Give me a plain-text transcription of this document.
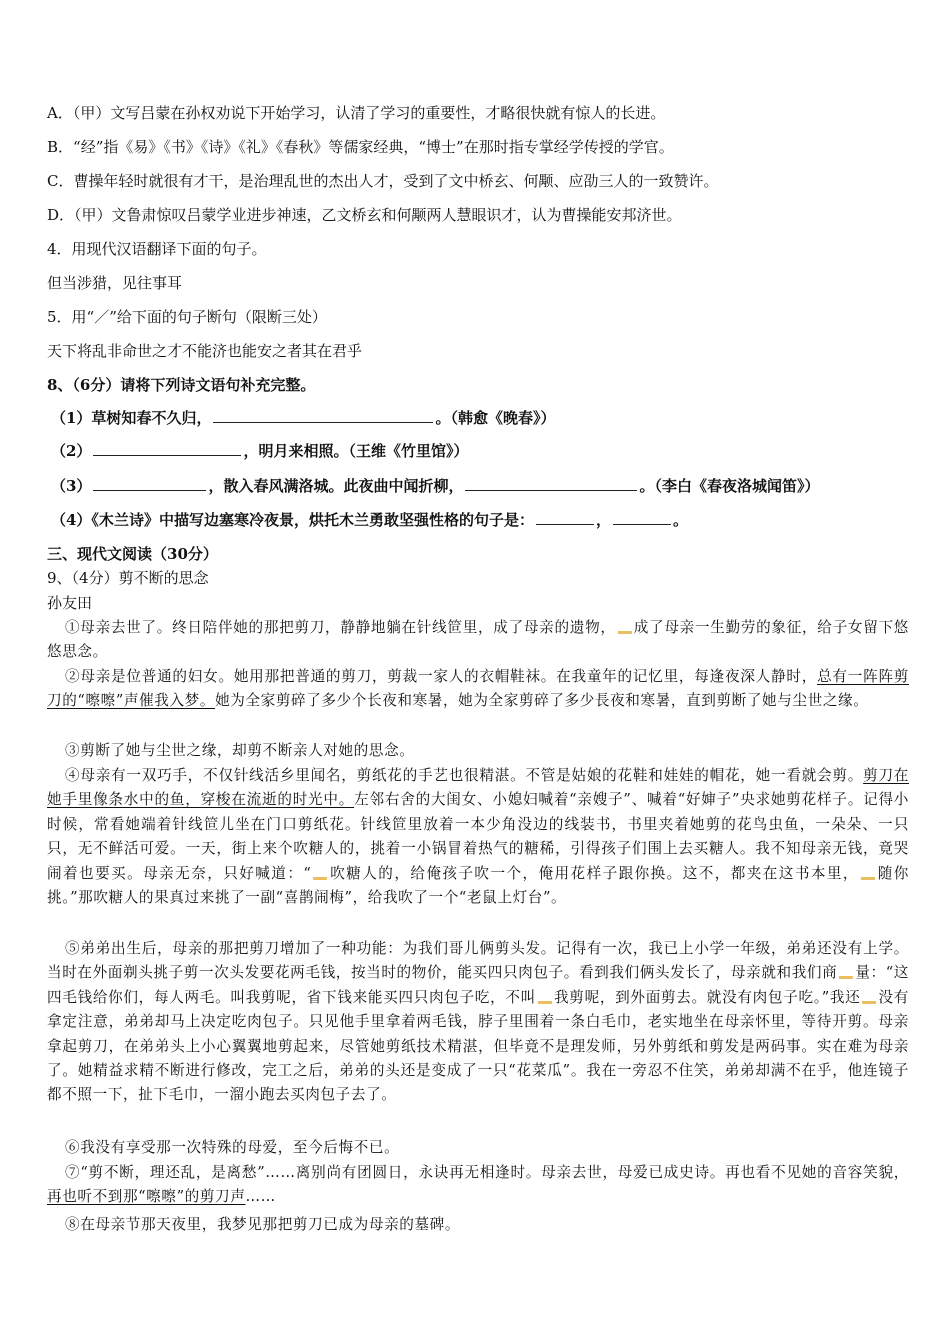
A．（甲）文写吕蒙在孙权劝说下开始学习，认清了学习的重要性，才略很快就有惊人的长进。
B．“经”指《易》《书》《诗》《礼》《春秋》等儒家经典，“博士”在那时指专掌经学传授的学官。
C．曹操年轻时就很有才干，是治理乱世的杰出人才，受到了文中桥玄、何颙、应劭三人的一致赞许。
D．（甲）文鲁肃惊叹吕蒙学业进步神速，乙文桥玄和何颙两人慧眼识才，认为曹操能安邦济世。
4．用现代汉语翻译下面的句子。
但当涉猎，见往事耳
5．用“／”给下面的句子断句（限断三处）
天下将乱非命世之才不能济也能安之者其在君乎
8、（6分）请将下列诗文语句补充完整。
（1）草树知春不久归，	。（韩愈《晚春》）
（2）	，明月来相照。（王维《竹里馆》）
（3）	，散入春风满洛城。此夜曲中闻折柳，	。（李白《春夜洛城闻笛》）
（4）《木兰诗》中描写边塞寒冷夜景，烘托木兰勇敢坚强性格的句子是：	，	。
三、现代文阅读（30分）
9、（4分）剪不断的思念
孙友田
①母亲去世了。终日陪伴她的那把剪刀，静静地躺在针线笸里，成了母亲的遗物， 成了母亲一生勤劳的象征，给子女留下悠悠思念。
②母亲是位普通的妇女。她用那把普通的剪刀，剪裁一家人的衣帽鞋袜。在我童年的记忆里，每逢夜深人静时，总有一阵阵剪刀的“嚓嚓”声催我入梦。她为全家剪碎了多少个长夜和寒暑，她为全家剪碎了多少長夜和寒暑，直到剪断了她与尘世之缘。
③剪断了她与尘世之缘，却剪不断亲人对她的思念。
④母亲有一双巧手，不仅针线活乡里闻名，剪纸花的手艺也很精湛。不管是姑娘的花鞋和娃娃的帽花，她一看就会剪。剪刀在她手里像条水中的鱼，穿梭在流逝的时光中。左邻右舍的大闺女、小媳妇喊着“亲嫂子”、喊着“好婶子”央求她剪花样子。记得小时候，常看她端着针线笸儿坐在门口剪纸花。针线笸里放着一本少角没边的线装书，书里夹着她剪的花鸟虫鱼，一朵朵、一只只，无不鲜活可爱。一天，街上来个吹糖人的，挑着一小锅冒着热气的糖稀，引得孩子们围上去买糖人。我不知母亲无钱，竟哭闹着也要买。母亲无奈，只好喊道：“ 吹糖人的，给俺孩子吹一个，俺用花样子跟你换。这不，都夹在这书本里， 随你挑。”那吹糖人的果真过来挑了一副“喜鹊闹梅”，给我吹了一个“老鼠上灯台”。
⑤弟弟出生后，母亲的那把剪刀增加了一种功能：为我们哥儿俩剪头发。记得有一次，我已上小学一年级，弟弟还没有上学。当时在外面剃头挑子剪一次头发要花两毛钱，按当时的物价，能买四只肉包子。看到我们俩头发长了，母亲就和我们商 量：“这四毛钱给你们，每人两毛。叫我剪呢，省下钱来能买四只肉包子吃，不叫 我剪呢，到外面剪去。就没有肉包子吃。”我还 没有拿定注意，弟弟却马上决定吃肉包子。只见他手里拿着两毛钱，脖子里围着一条白毛巾，老实地坐在母亲怀里，等待开剪。母亲拿起剪刀，在弟弟头上小心翼翼地剪起来，尽管她剪纸技术精湛，但毕竟不是理发师，另外剪纸和剪发是两码事。实在难为母亲了。她精益求精不断进行修改，完工之后，弟弟的头还是变成了一只“花菜瓜”。我在一旁忍不住笑，弟弟却满不在乎，他连镜子都不照一下，扯下毛巾，一溜小跑去买肉包子去了。
⑥我没有享受那一次特殊的母爱，至今后悔不已。
⑦“剪不断，理还乱，是离愁”……离别尚有团圆日，永诀再无相逢时。母亲去世，母爱已成史诗。再也看不见她的音容笑貌，再也听不到那“嚓嚓”的剪刀声……
⑧在母亲节那天夜里，我梦见那把剪刀已成为母亲的墓碑。
